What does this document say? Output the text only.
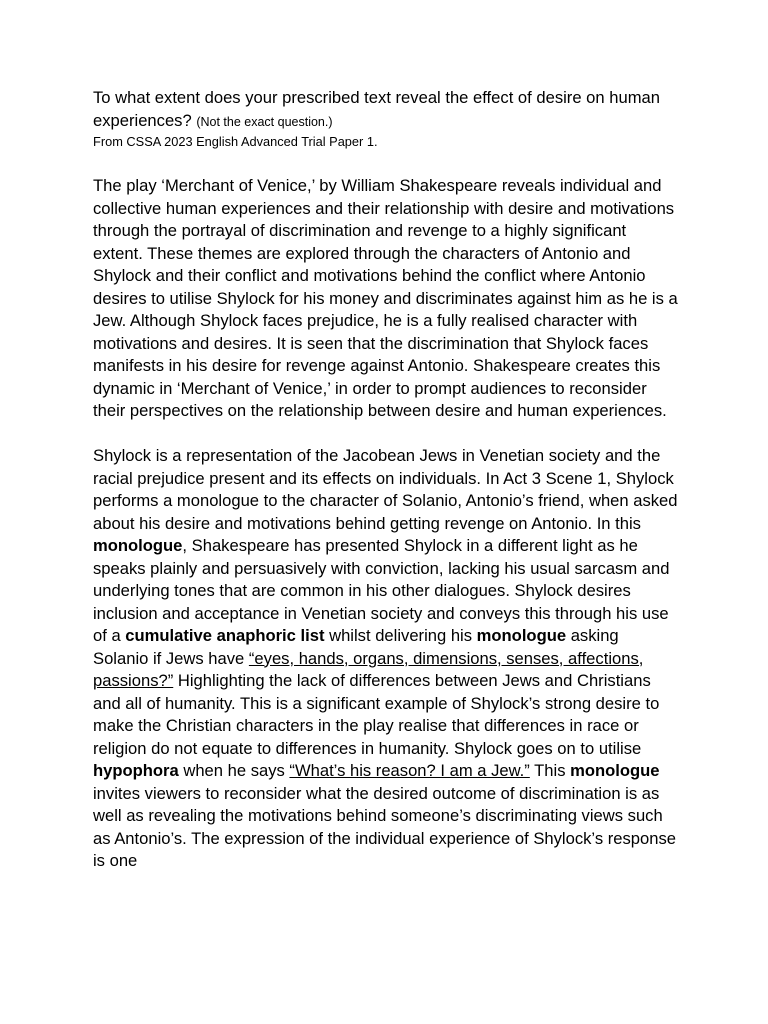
To what extent does your prescribed text reveal the effect of desire on human experiences? (Not the exact question.)

From CSSA 2023 English Advanced Trial Paper 1.

The play ‘Merchant of Venice,’ by William Shakespeare reveals individual and collective human experiences and their relationship with desire and motivations through the portrayal of discrimination and revenge to a highly significant extent. These themes are explored through the characters of Antonio and Shylock and their conflict and motivations behind the conflict where Antonio desires to utilise Shylock for his money and discriminates against him as he is a Jew. Although Shylock faces prejudice, he is a fully realised character with motivations and desires. It is seen that the discrimination that Shylock faces manifests in his desire for revenge against Antonio. Shakespeare creates this dynamic in ‘Merchant of Venice,’ in order to prompt audiences to reconsider their perspectives on the relationship between desire and human experiences.

Shylock is a representation of the Jacobean Jews in Venetian society and the racial prejudice present and its effects on individuals. In Act 3 Scene 1, Shylock performs a monologue to the character of Solanio, Antonio’s friend, when asked about his desire and motivations behind getting revenge on Antonio. In this monologue, Shakespeare has presented Shylock in a different light as he speaks plainly and persuasively with conviction, lacking his usual sarcasm and underlying tones that are common in his other dialogues. Shylock desires inclusion and acceptance in Venetian society and conveys this through his use of a cumulative anaphoric list whilst delivering his monologue asking Solanio if Jews have “eyes, hands, organs, dimensions, senses, affections, passions?” Highlighting the lack of differences between Jews and Christians and all of humanity. This is a significant example of Shylock’s strong desire to make the Christian characters in the play realise that differences in race or religion do not equate to differences in humanity. Shylock goes on to utilise hypophora when he says “What’s his reason? I am a Jew.” This monologue invites viewers to reconsider what the desired outcome of discrimination is as well as revealing the motivations behind someone’s discriminating views such as Antonio’s. The expression of the individual experience of Shylock’s response is one
